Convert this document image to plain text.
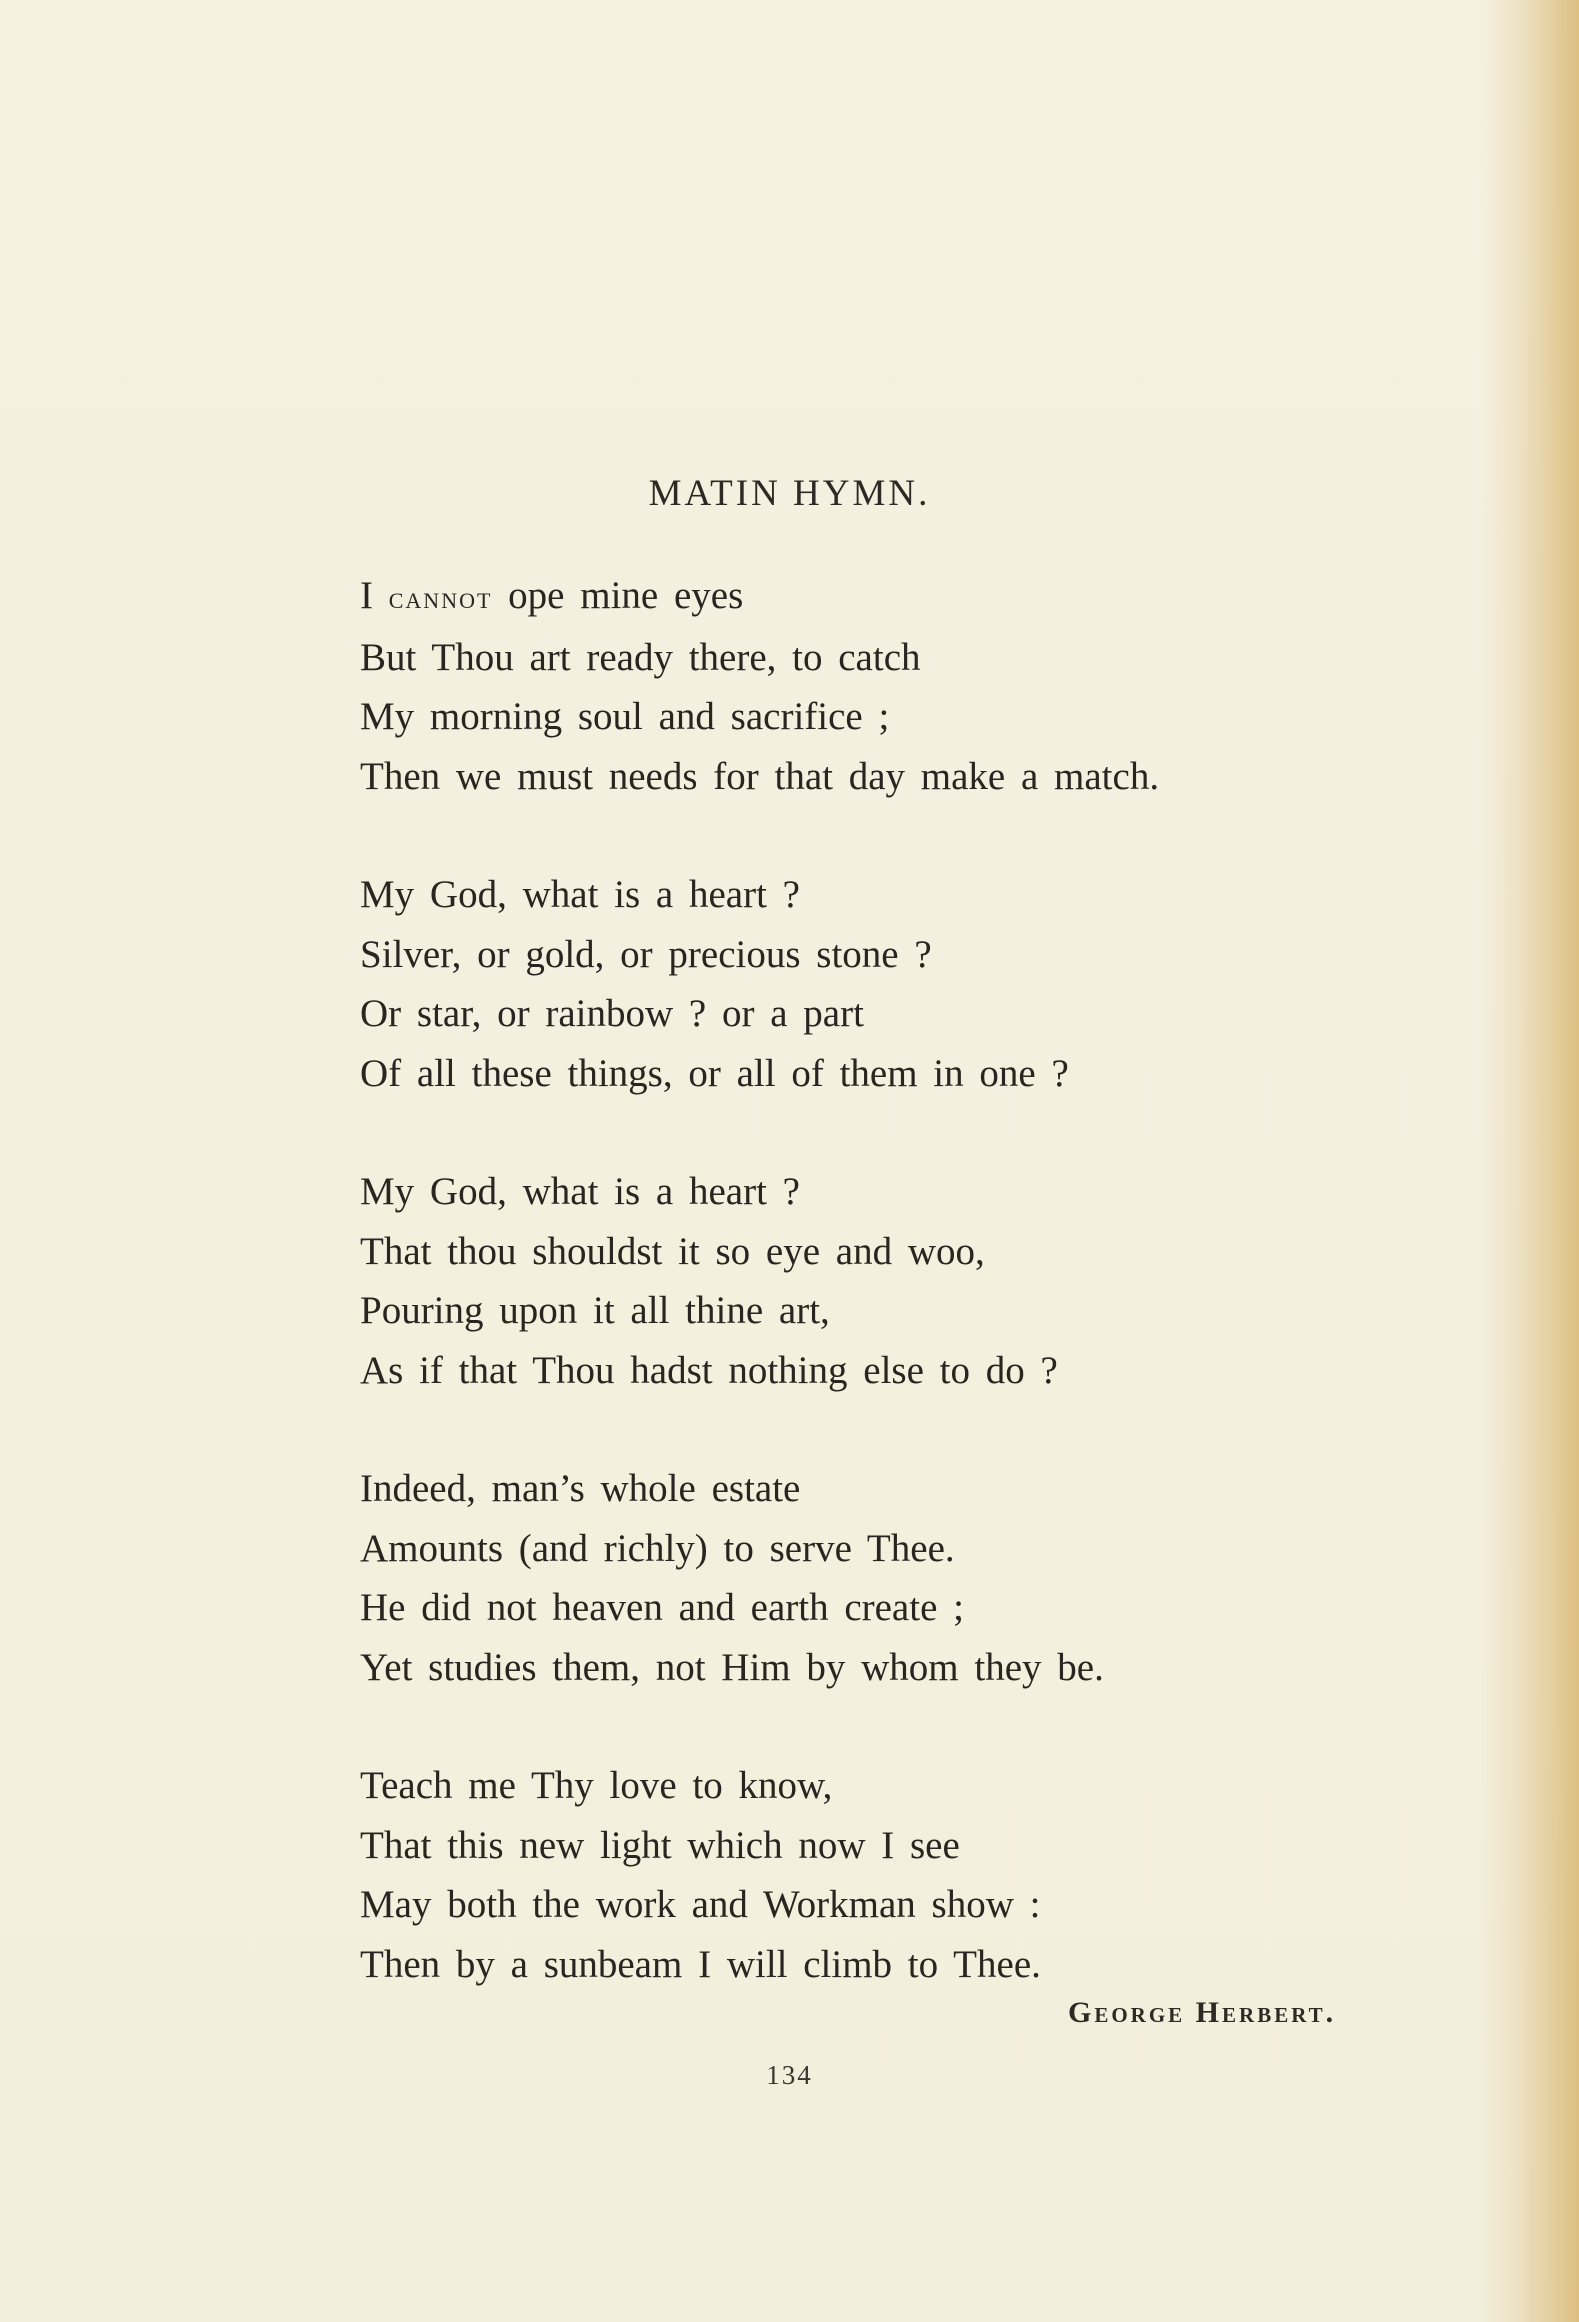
MATIN HYMN.
I cannot ope mine eyes
But Thou art ready there, to catch
My morning soul and sacrifice ;
Then we must needs for that day make a match.
My God, what is a heart ?
Silver, or gold, or precious stone ?
Or star, or rainbow ? or a part
Of all these things, or all of them in one ?
My God, what is a heart ?
That thou shouldst it so eye and woo,
Pouring upon it all thine art,
As if that Thou hadst nothing else to do ?
Indeed, man’s whole estate
Amounts (and richly) to serve Thee.
He did not heaven and earth create ;
Yet studies them, not Him by whom they be.
Teach me Thy love to know,
That this new light which now I see
May both the work and Workman show :
Then by a sunbeam I will climb to Thee.
George Herbert.
134
